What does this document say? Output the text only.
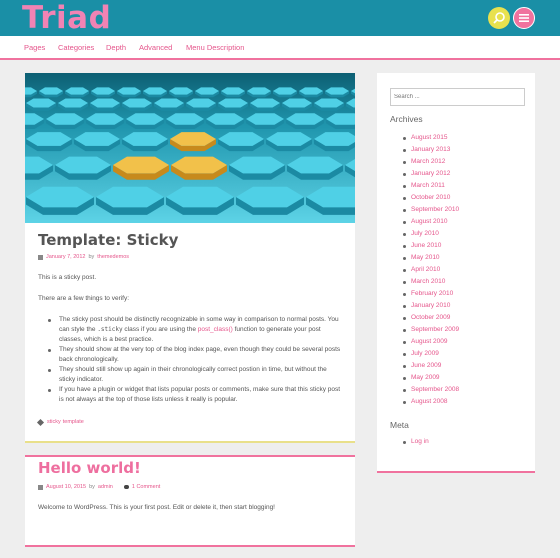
Triad
Pages Categories Depth Advanced Menu Description
Template: Sticky
January 7, 2012 by themedemos
This is a sticky post.
There are a few things to verify:
The sticky post should be distinctly recognizable in some way in comparison to normal posts. You can style the .sticky class if you are using the post_class() function to generate your post classes, which is a best practice.
They should show at the very top of the blog index page, even though they could be several posts back chronologically.
They should still show up again in their chronologically correct postion in time, but without the sticky indicator.
If you have a plugin or widget that lists popular posts or comments, make sure that this sticky post is not always at the top of those lists unless it really is popular.
sticky template
Hello world!
August 10, 2015 by admin	1 Comment
Welcome to WordPress. This is your first post. Edit or delete it, then start blogging!
Search ...
Archives
August 2015
January 2013
March 2012
January 2012
March 2011
October 2010
September 2010
August 2010
July 2010
June 2010
May 2010
April 2010
March 2010
February 2010
January 2010
October 2009
September 2009
August 2009
July 2009
June 2009
May 2009
September 2008
August 2008
Meta
Log in
